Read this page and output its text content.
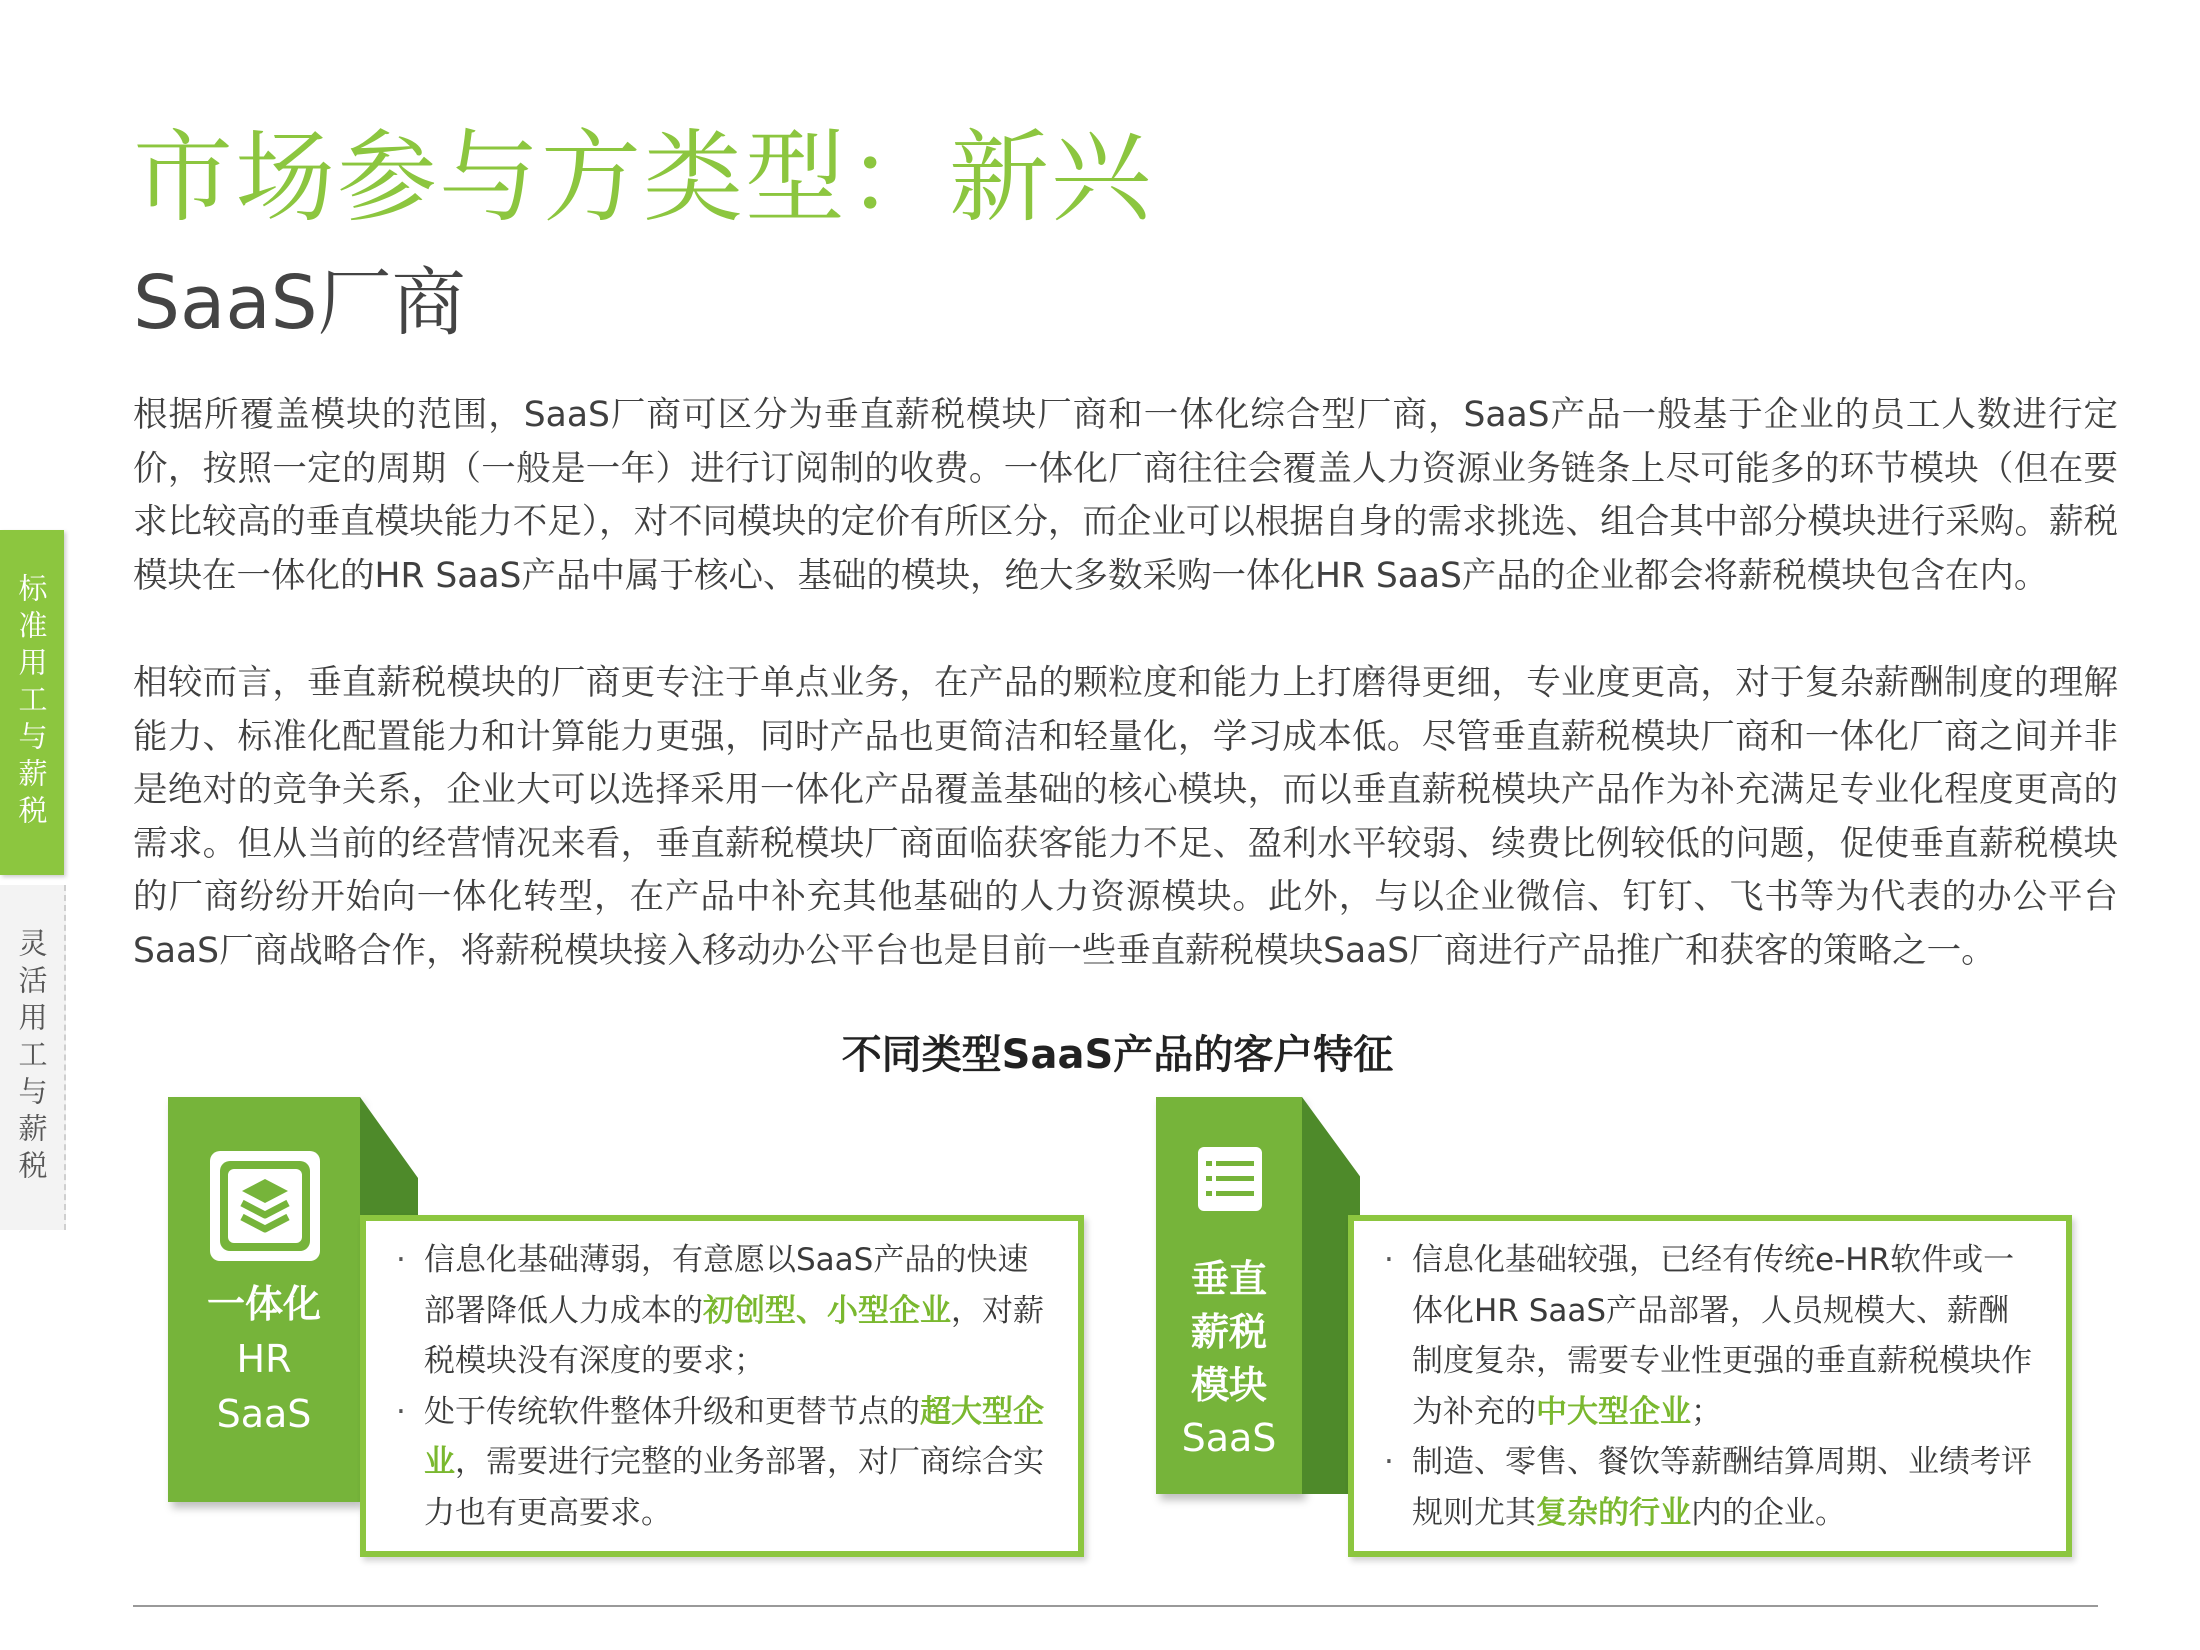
市场参与方类型：新兴
SaaS厂商
标准用工与薪税
灵活用工与薪税

根据所覆盖模块的范围，SaaS厂商可区分为垂直薪税模块厂商和一体化综合型厂商，SaaS产品一般基于企业的员工人数进行定价，按照一定的周期（一般是一年）进行订阅制的收费。一体化厂商往往会覆盖人力资源业务链条上尽可能多的环节模块（但在要求比较高的垂直模块能力不足），对不同模块的定价有所区分，而企业可以根据自身的需求挑选、组合其中部分模块进行采购。薪税模块在一体化的HR SaaS产品中属于核心、基础的模块，绝大多数采购一体化HR SaaS产品的企业都会将薪税模块包含在内。

相较而言，垂直薪税模块的厂商更专注于单点业务，在产品的颗粒度和能力上打磨得更细，专业度更高，对于复杂薪酬制度的理解能力、标准化配置能力和计算能力更强，同时产品也更简洁和轻量化，学习成本低。尽管垂直薪税模块厂商和一体化厂商之间并非是绝对的竞争关系，企业大可以选择采用一体化产品覆盖基础的核心模块，而以垂直薪税模块产品作为补充满足专业化程度更高的需求。但从当前的经营情况来看，垂直薪税模块厂商面临获客能力不足、盈利水平较弱、续费比例较低的问题，促使垂直薪税模块的厂商纷纷开始向一体化转型，在产品中补充其他基础的人力资源模块。此外，与以企业微信、钉钉、飞书等为代表的办公平台SaaS厂商战略合作，将薪税模块接入移动办公平台也是目前一些垂直薪税模块SaaS厂商进行产品推广和获客的策略之一。

不同类型SaaS产品的客户特征
一体化
HR
SaaS
· 信息化基础薄弱，有意愿以SaaS产品的快速部署降低人力成本的初创型、小型企业，对薪税模块没有深度的要求；
· 处于传统软件整体升级和更替节点的超大型企业，需要进行完整的业务部署，对厂商综合实力也有更高要求。
垂直
薪税
模块
SaaS
· 信息化基础较强，已经有传统e-HR软件或一体化HR SaaS产品部署，人员规模大、薪酬制度复杂，需要专业性更强的垂直薪税模块作为补充的中大型企业；
· 制造、零售、餐饮等薪酬结算周期、业绩考评规则尤其复杂的行业内的企业。
